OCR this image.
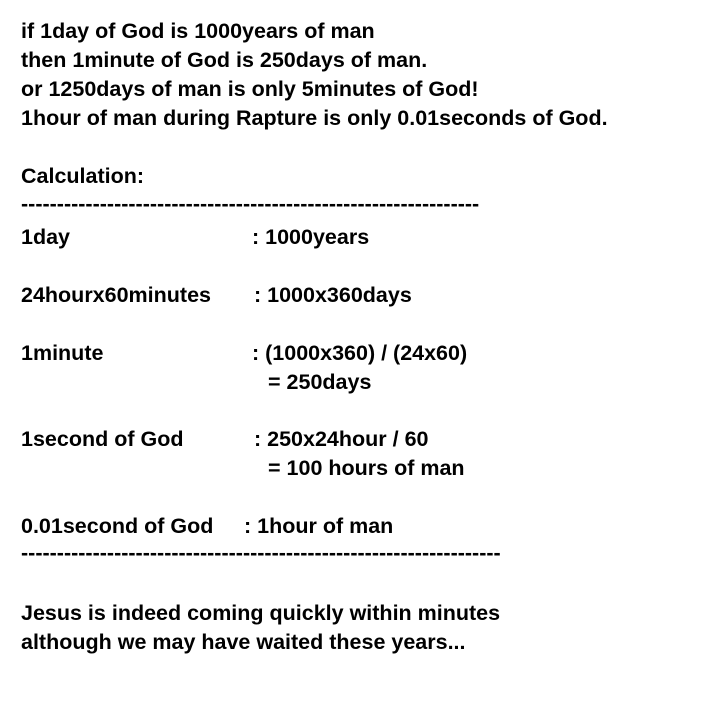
if 1day of God is 1000years of man
then 1minute of God is 250days of man.
or 1250days of man is only 5minutes of God!
1hour of man during Rapture is only 0.01seconds of God.
Calculation:
----------------------------------------------------------------
1day	: 1000years
24hourx60minutes : 1000x360days
1minute	: (1000x360) / (24x60)
= 250days
1second of God	: 250x24hour / 60
= 100 hours of man
0.01second of God : 1hour of man
-------------------------------------------------------------------
Jesus is indeed coming quickly within minutes
although we may have waited these years...
